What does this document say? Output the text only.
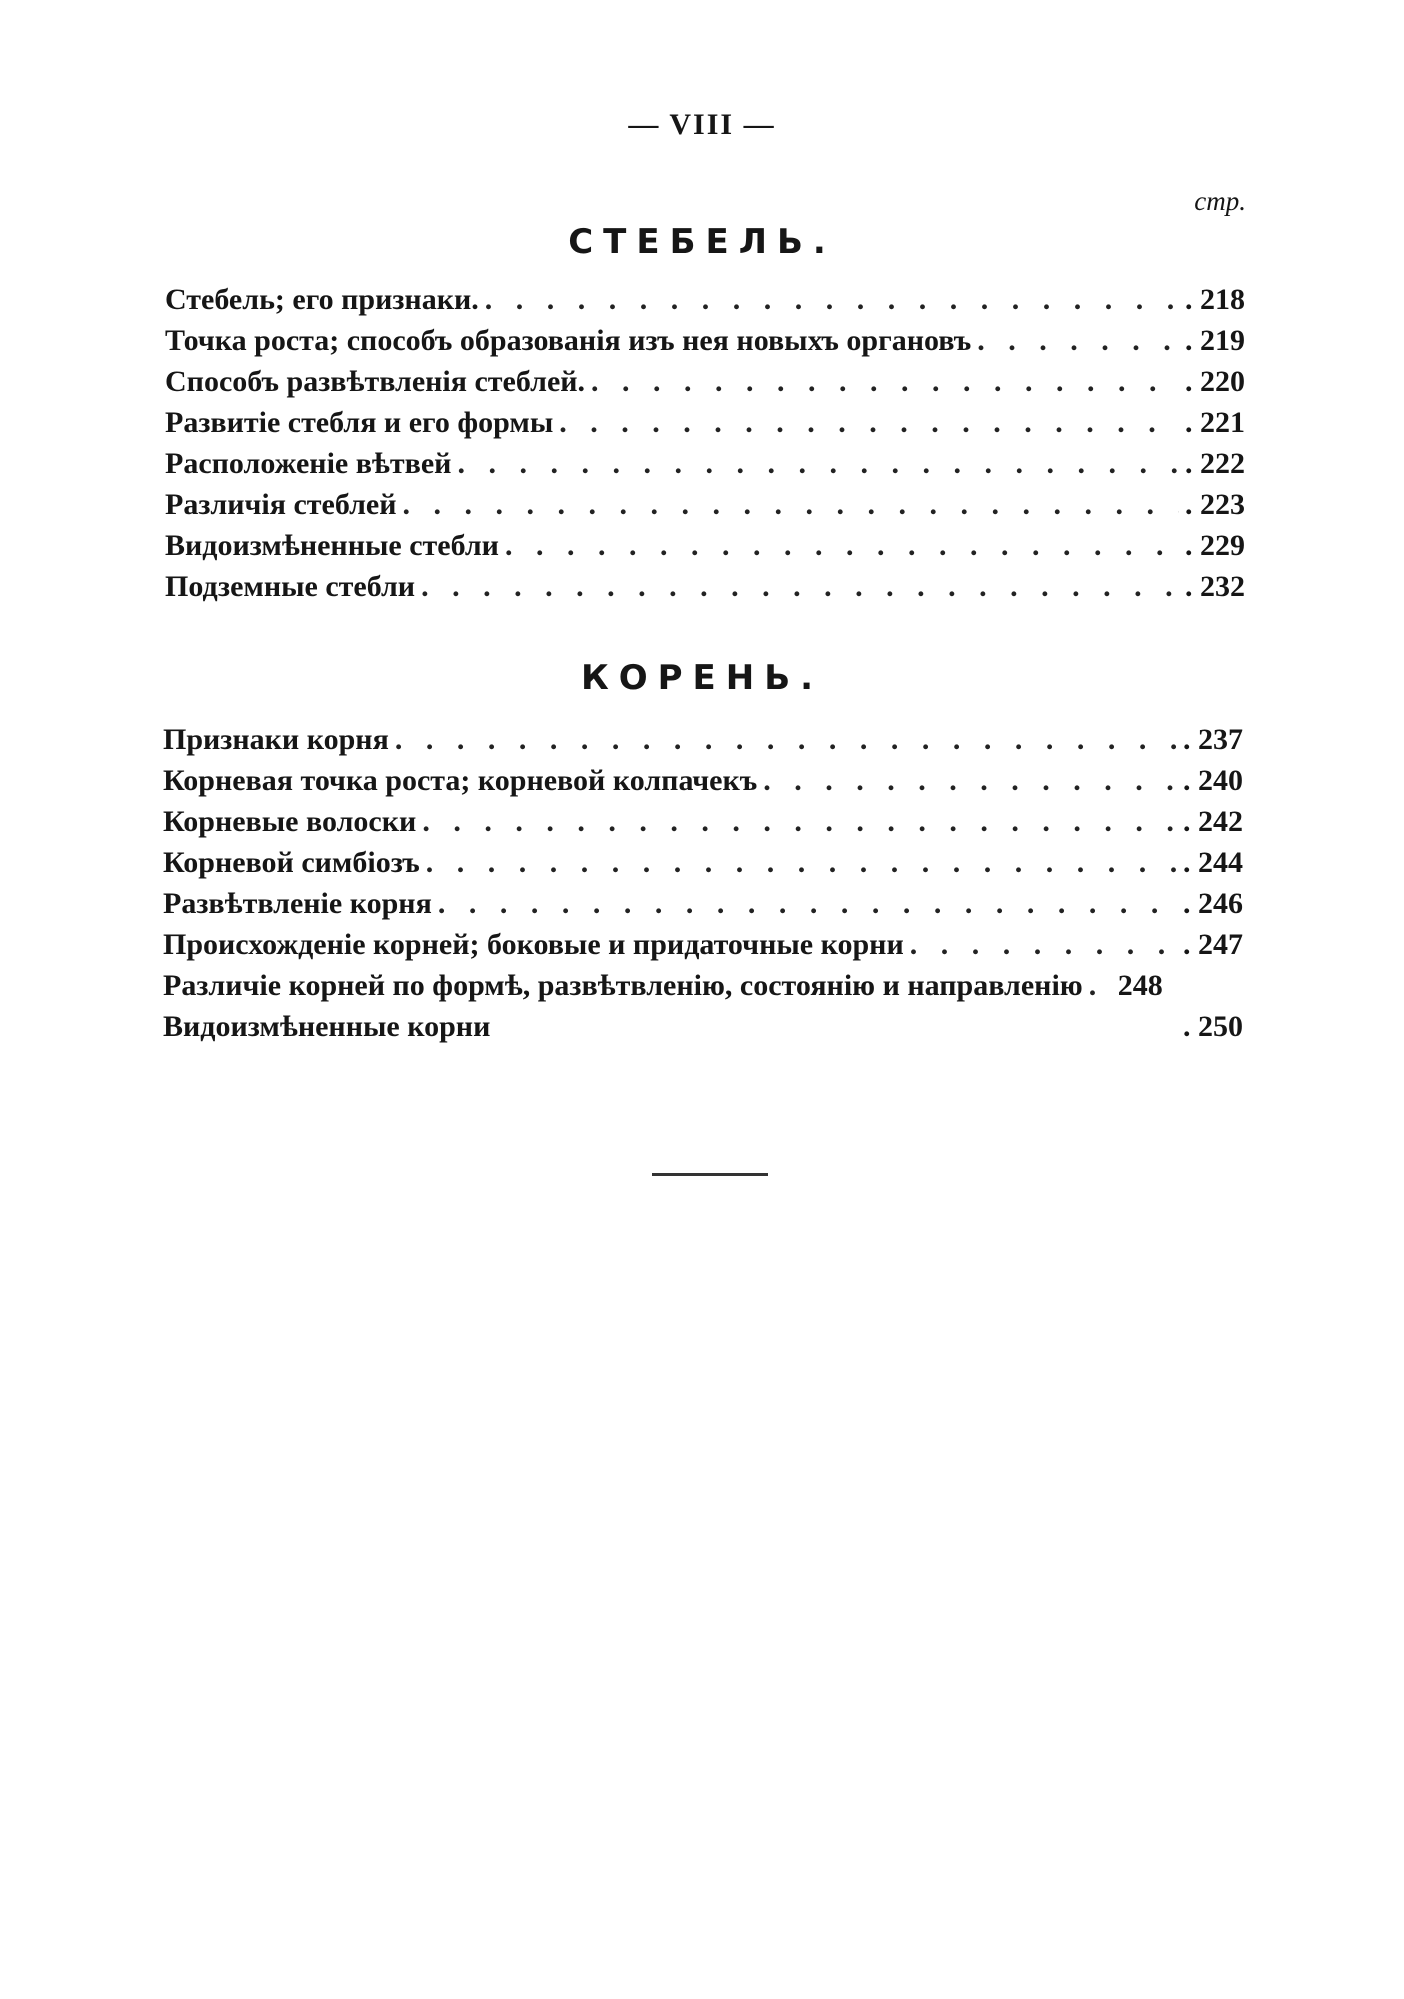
— VIII —
стр.
СТЕБЕЛЬ.
Стебель; его признаки. . . .	. 218
Точка роста; способъ образованія изъ нея новыхъ органовъ . . .	. 219
Способъ развѣтвленія стеблей. . . .	. 220
Развитіе стебля и его формы . . .	. 221
Расположеніе вѣтвей . . .	. 222
Различія стеблей . . .	. 223
Видоизмѣненные стебли . . .	. 229
Подземные стебли . . .	. 232
КОРЕНЬ.
Признаки корня . . .	. 237
Корневая точка роста; корневой колпачекъ . . .	. 240
Корневые волоски . . .	. 242
Корневой симбіозъ . . .	. 244
Развѣтвленіе корня . . .	. 246
Происхожденіе корней; боковые и придаточные корни . . .	. 247
Различіе корней по формѣ, развѣтвленію, состоянію и направленію . . .	248
Видоизмѣненные корни	. 250
